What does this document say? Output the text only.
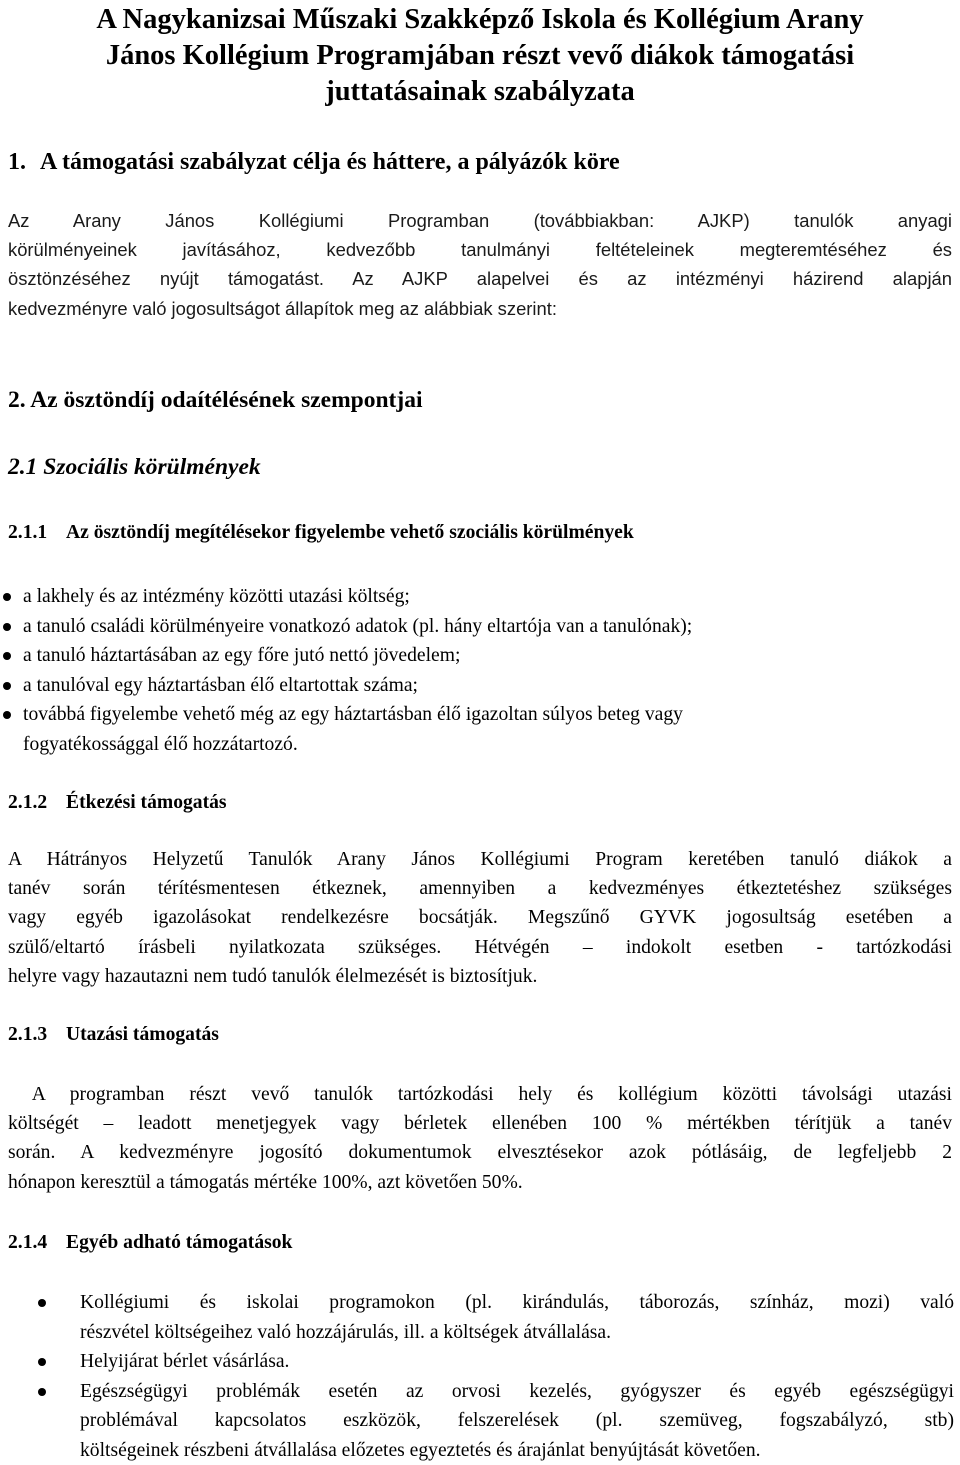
A Nagykanizsai Műszaki Szakképző Iskola és Kollégium Arany
János Kollégium Programjában részt vevő diákok támogatási
juttatásainak szabályzata
1. A támogatási szabályzat célja és háttere, a pályázók köre
Az Arany János Kollégiumi Programban (továbbiakban: AJKP) tanulók anyagi
körülményeinek javításához, kedvezőbb tanulmányi feltételeinek megteremtéséhez és
ösztönzéséhez nyújt támogatást. Az AJKP alapelvei és az intézményi házirend alapján
kedvezményre való jogosultságot állapítok meg az alábbiak szerint:
2. Az ösztöndíj odaítélésének szempontjai
2.1 Szociális körülmények
2.1.1 Az ösztöndíj megítélésekor figyelembe vehető szociális körülmények
a lakhely és az intézmény közötti utazási költség;
a tanuló családi körülményeire vonatkozó adatok (pl. hány eltartója van a tanulónak);
a tanuló háztartásában az egy főre jutó nettó jövedelem;
a tanulóval egy háztartásban élő eltartottak száma;
továbbá figyelembe vehető még az egy háztartásban élő igazoltan súlyos beteg vagy
fogyatékossággal élő hozzátartozó.
2.1.2 Étkezési támogatás
A Hátrányos Helyzetű Tanulók Arany János Kollégiumi Program keretében tanuló diákok a
tanév során térítésmentesen étkeznek, amennyiben a kedvezményes étkeztetéshez szükséges
vagy egyéb igazolásokat rendelkezésre bocsátják. Megszűnő GYVK jogosultság esetében a
szülő/eltartó írásbeli nyilatkozata szükséges. Hétvégén – indokolt esetben - tartózkodási
helyre vagy hazautazni nem tudó tanulók élelmezését is biztosítjuk.
2.1.3 Utazási támogatás
A programban részt vevő tanulók tartózkodási hely és kollégium közötti távolsági utazási
költségét – leadott menetjegyek vagy bérletek ellenében 100 % mértékben térítjük a tanév
során. A kedvezményre jogosító dokumentumok elvesztésekor azok pótlásáig, de legfeljebb 2
hónapon keresztül a támogatás mértéke 100%, azt követően 50%.
2.1.4 Egyéb adható támogatások
Kollégiumi és iskolai programokon (pl. kirándulás, táborozás, színház, mozi) való
részvétel költségeihez való hozzájárulás, ill. a költségek átvállalása.
Helyijárat bérlet vásárlása.
Egészségügyi problémák esetén az orvosi kezelés, gyógyszer és egyéb egészségügyi
problémával kapcsolatos eszközök, felszerelések (pl. szemüveg, fogszabályzó, stb)
költségeinek részbeni átvállalása előzetes egyeztetés és árajánlat benyújtását követően.
